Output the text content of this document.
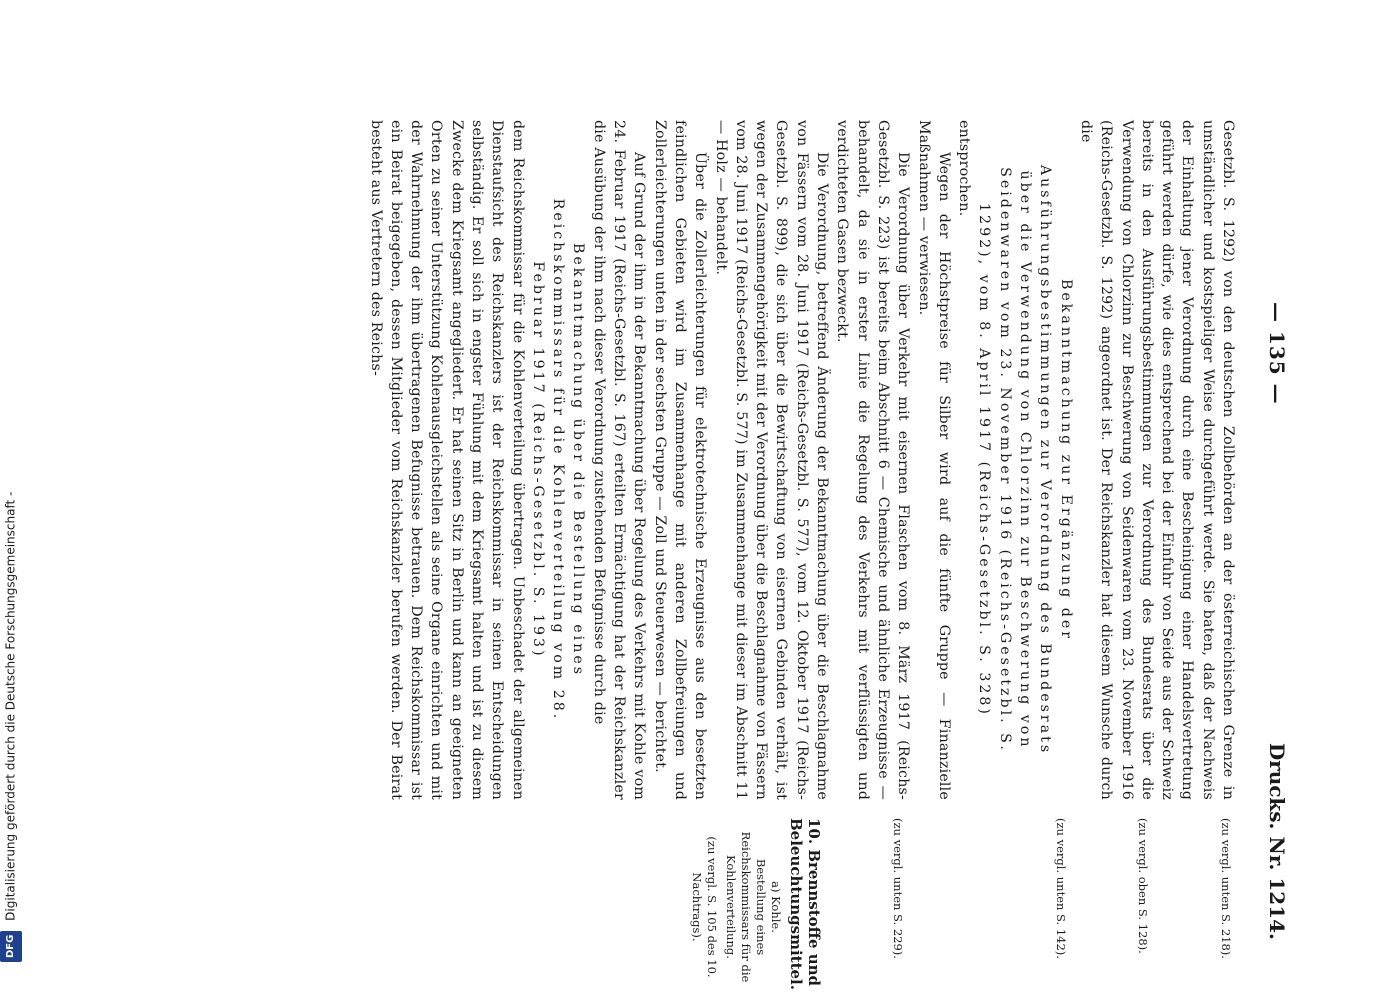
— 135 —
Drucks. Nr. 1214.

Gesetzbl. S. 1292) von den deutschen Zollbehörden an der österreichischen Grenze in umständlicher und kostspieliger Weise durchgeführt werde. Sie baten, daß der Nachweis der Einhaltung jener Verordnung durch eine Bescheinigung einer Handelsvertretung geführt werden dürfe, wie dies entsprechend bei der Einfuhr von Seide aus der Schweiz bereits in den Ausführungsbestimmungen zur Verordnung des Bundesrats über die Verwendung von Chlorzinn zur Beschwerung von Seidenwaren vom 23. November 1916 (Reichs-Gesetzbl. S. 1292) angeordnet ist. Der Reichskanzler hat diesem Wunsche durch die

Bekanntmachung zur Ergänzung der Ausführungsbestimmungen zur Verordnung des Bundesrats über die Verwendung von Chlorzinn zur Beschwerung von Seidenwaren vom 23. November 1916 (Reichs-Gesetzbl. S. 1292), vom 8. April 1917 (Reichs-Gesetzbl. S. 328)

entsprochen.

Wegen der Höchstpreise für Silber wird auf die fünfte Gruppe — Finanzielle Maßnahmen — verwiesen.

Die Verordnung über Verkehr mit eisernen Flaschen vom 8. März 1917 (Reichs-Gesetzbl. S. 223) ist bereits beim Abschnitt 6 — Chemische und ähnliche Erzeugnisse — behandelt, da sie in erster Linie die Regelung des Verkehrs mit verflüssigten und verdichteten Gasen bezweckt.

Die Verordnung, betreffend Änderung der Bekanntmachung über die Beschlagnahme von Fässern vom 28. Juni 1917 (Reichs-Gesetzbl. S. 577), vom 12. Oktober 1917 (Reichs-Gesetzbl. S. 899), die sich über die Bewirtschaftung von eisernen Gebinden verhält, ist wegen der Zusammengehörigkeit mit der Verordnung über die Beschlagnahme von Fässern vom 28. Juni 1917 (Reichs-Gesetzbl. S. 577) im Zusammenhange mit dieser im Abschnitt 11 — Holz — behandelt.

Über die Zollerleichterungen für elektrotechnische Erzeugnisse aus den besetzten feindlichen Gebieten wird im Zusammenhange mit anderen Zollbefreiungen und Zollerleichterungen unten in der sechsten Gruppe — Zoll und Steuerwesen — berichtet.

Auf Grund der ihm in der Bekanntmachung über Regelung des Verkehrs mit Kohle vom 24. Februar 1917 (Reichs-Gesetzbl. S. 167) erteilten Ermächtigung hat der Reichskanzler die Ausübung der ihm nach dieser Verordnung zustehenden Befugnisse durch die

Bekanntmachung über die Bestellung eines Reichskommissars für die Kohlenverteilung vom 28. Februar 1917 (Reichs-Gesetzbl. S. 193)

dem Reichskommissar für die Kohlenverteilung übertragen. Unbeschadet der allgemeinen Dienstaufsicht des Reichskanzlers ist der Reichskommissar in seinen Entscheidungen selbständig. Er soll sich in engster Fühlung mit dem Kriegsamt halten und ist zu diesem Zwecke dem Kriegsamt angegliedert. Er hat seinen Sitz in Berlin und kann an geeigneten Orten zu seiner Unterstützung Kohlenausgleichstellen als seine Organe einrichten und mit der Wahrnehmung der ihm übertragenen Befugnisse betrauen. Dem Reichskommissar ist ein Beirat beigegeben, dessen Mitglieder vom Reichskanzler berufen werden. Der Beirat besteht aus Vertretern des Reichs-

(zu vergl. unten S. 218).
(zu vergl. oben S. 128).
(zu vergl. unten S. 142).
(zu vergl. unten S. 229).
10. Brennstoffe und Beleuchtungsmittel.
a) Kohle.
Bestellung eines Reichskommissars für die Kohlenverteilung.
(zu vergl. S. 105 des 10. Nachtrags).
DFG Digitalisierung gefördert durch die Deutsche Forschungsgemeinschaft -
